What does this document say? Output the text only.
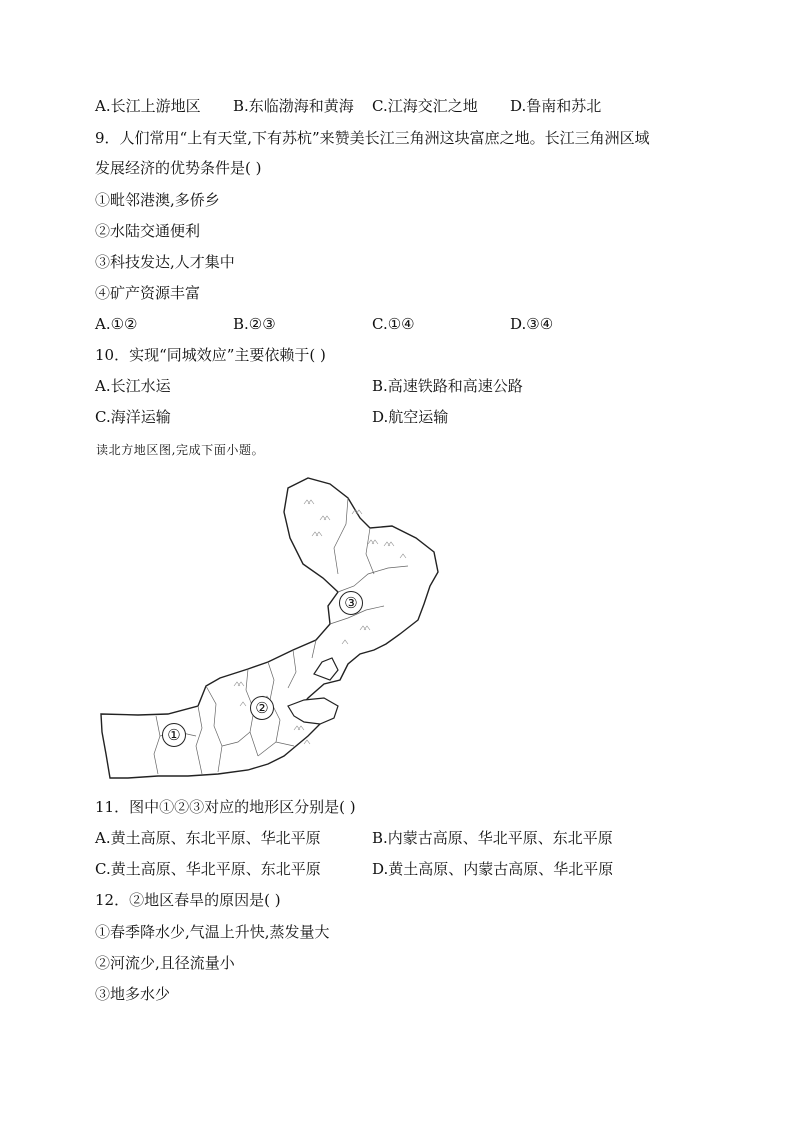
A.长江上游地区 B.东临渤海和黄海 C.江海交汇之地 D.鲁南和苏北
9．人们常用“上有天堂,下有苏杭”来赞美长江三角洲这块富庶之地。长江三角洲区域
发展经济的优势条件是( )
①毗邻港澳,多侨乡
②水陆交通便利
③科技发达,人才集中
④矿产资源丰富
A.①②	B.②③	C.①④	D.③④
10．实现“同城效应”主要依赖于( )
A.长江水运	B.高速铁路和高速公路
C.海洋运输	D.航空运输
读北方地区图,完成下面小题。
①
②
③
11．图中①②③对应的地形区分别是( )
A.黄土高原、东北平原、华北平原	B.内蒙古高原、华北平原、东北平原
C.黄土高原、华北平原、东北平原	D.黄土高原、内蒙古高原、华北平原
12．②地区春旱的原因是( )
①春季降水少,气温上升快,蒸发量大
②河流少,且径流量小
③地多水少
